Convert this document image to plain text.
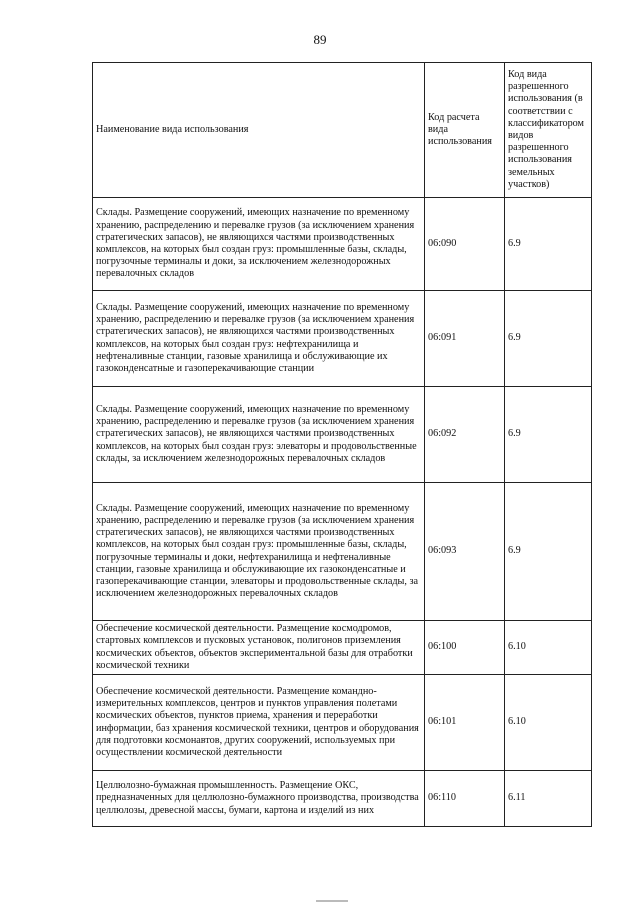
89
Наименование вида использования	Код расчета вида использования	Код вида разрешенного использования (в соответствии с классификатором видов разрешенного использования земельных участков)
Склады. Размещение сооружений, имеющих назначение по временному хранению, распределению и перевалке грузов (за исключением хранения стратегических запасов), не являющихся частями производственных комплексов, на которых был создан груз: промышленные базы, склады, погрузочные терминалы и доки, за исключением железнодорожных перевалочных складов	06:090	6.9
Склады. Размещение сооружений, имеющих назначение по временному хранению, распределению и перевалке грузов (за исключением хранения стратегических запасов), не являющихся частями производственных комплексов, на которых был создан груз: нефтехранилища и нефтеналивные станции, газовые хранилища и обслуживающие их газоконденсатные и газоперекачивающие станции	06:091	6.9
Склады. Размещение сооружений, имеющих назначение по временному хранению, распределению и перевалке грузов (за исключением хранения стратегических запасов), не являющихся частями производственных комплексов, на которых был создан груз: элеваторы и продовольственные склады, за исключением железнодорожных перевалочных складов	06:092	6.9
Склады. Размещение сооружений, имеющих назначение по временному хранению, распределению и перевалке грузов (за исключением хранения стратегических запасов), не являющихся частями производственных комплексов, на которых был создан груз: промышленные базы, склады, погрузочные терминалы и доки, нефтехранилища и нефтеналивные станции, газовые хранилища и обслуживающие их газоконденсатные и газоперекачивающие станции, элеваторы и продовольственные склады, за исключением железнодорожных перевалочных складов	06:093	6.9
Обеспечение космической деятельности. Размещение космодромов, стартовых комплексов и пусковых установок, полигонов приземления космических объектов, объектов экспериментальной базы для отработки космической техники	06:100	6.10
Обеспечение космической деятельности. Размещение командно-измерительных комплексов, центров и пунктов управления полетами космических объектов, пунктов приема, хранения и переработки информации, баз хранения космической техники, центров и оборудования для подготовки космонавтов, других сооружений, используемых при осуществлении космической деятельности	06:101	6.10
Целлюлозно-бумажная промышленность. Размещение ОКС, предназначенных для целлюлозно-бумажного производства, производства целлюлозы, древесной массы, бумаги, картона и изделий из них	06:110	6.11
